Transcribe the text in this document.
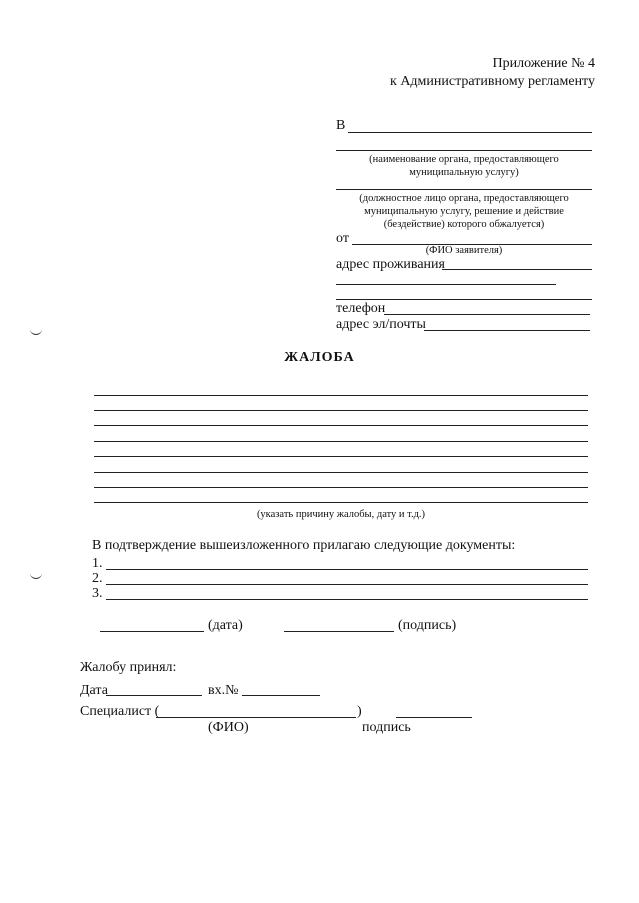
Приложение № 4
к Административному регламенту
В
(наименование органа, предоставляющего
муниципальную услугу)
(должностное лицо органа, предоставляющего
муниципальную услугу, решение и действие
(бездействие) которого обжалуется)
от
(ФИО заявителя)
адрес проживания
телефон
адрес эл/почты
ЖАЛОБА
(указать причину жалобы, дату и т.д.)
В подтверждение вышеизложенного прилагаю следующие документы:
1.
2.
3.
(дата)	(подпись)
Жалобу принял:
Дата	вх.№
Специалист (	)
(ФИО)	подпись
